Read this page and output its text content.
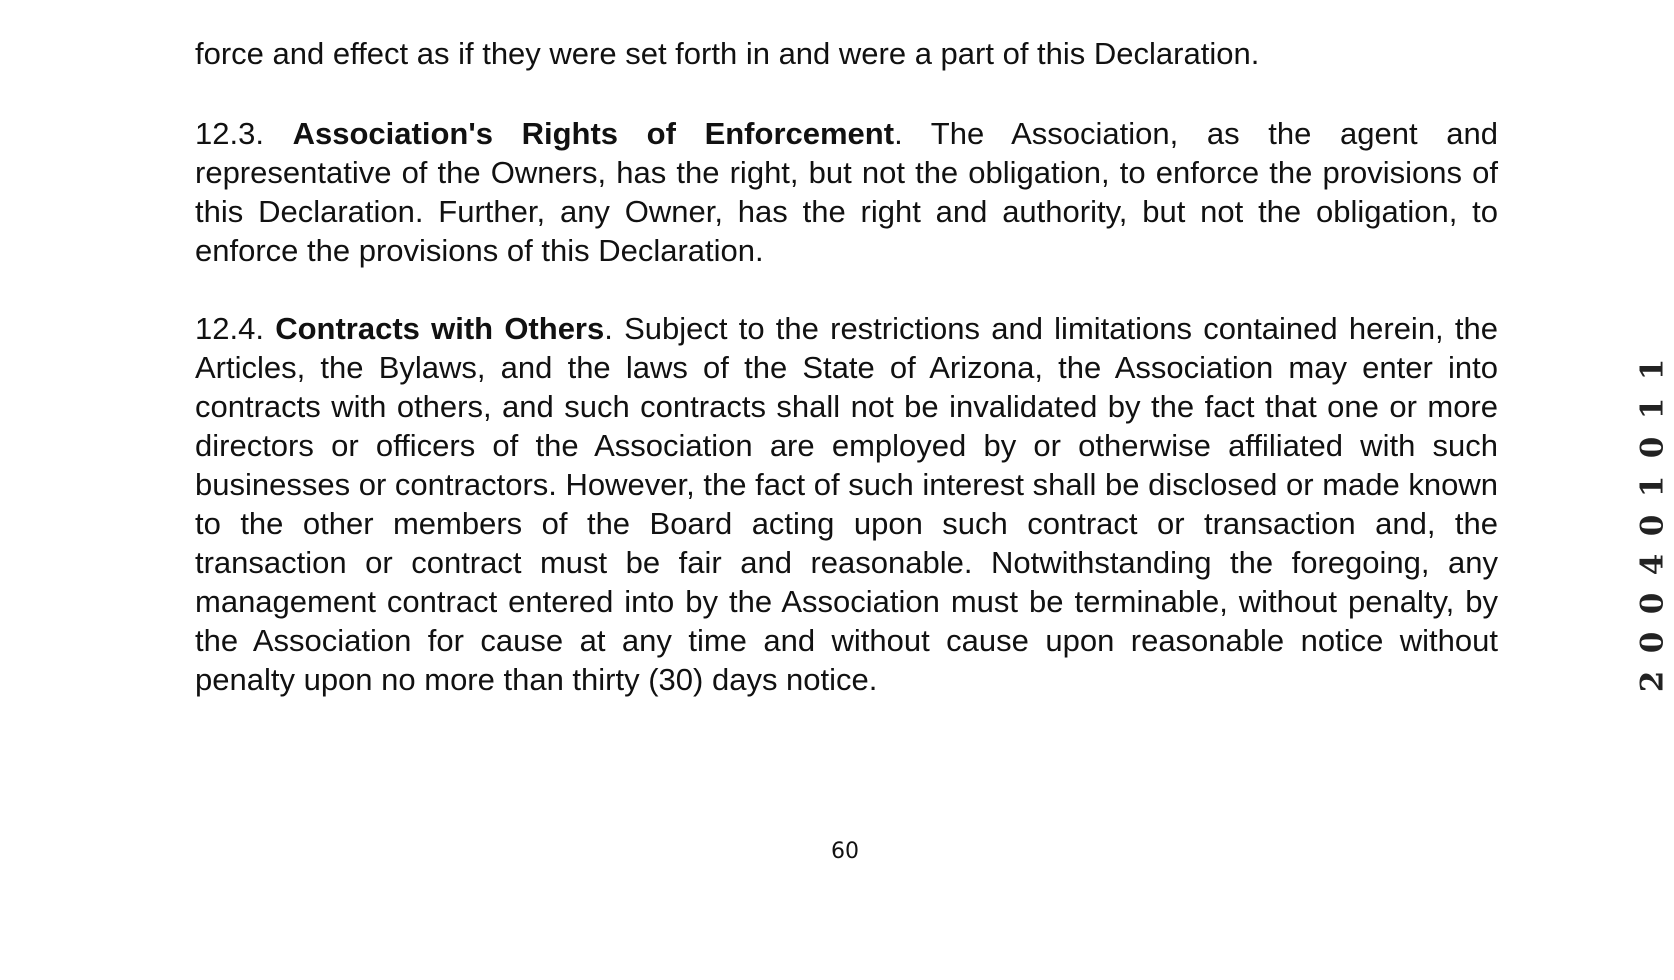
force and effect as if they were set forth in and were a part of this Declaration.

12.3. Association's Rights of Enforcement. The Association, as the agent and representative of the Owners, has the right, but not the obligation, to enforce the provisions of this Declaration. Further, any Owner, has the right and authority, but not the obligation, to enforce the provisions of this Declaration.

12.4. Contracts with Others. Subject to the restrictions and limitations contained herein, the Articles, the Bylaws, and the laws of the State of Arizona, the Association may enter into contracts with others, and such contracts shall not be invalidated by the fact that one or more directors or officers of the Association are employed by or otherwise affiliated with such businesses or contractors. However, the fact of such interest shall be disclosed or made known to the other members of the Board acting upon such contract or transaction and, the transaction or contract must be fair and reasonable. Notwithstanding the foregoing, any management contract entered into by the Association must be terminable, without penalty, by the Association for cause at any time and without cause upon reasonable notice without penalty upon no more than thirty (30) days notice.

60
1
1
0
1
0
4
0
0
2
